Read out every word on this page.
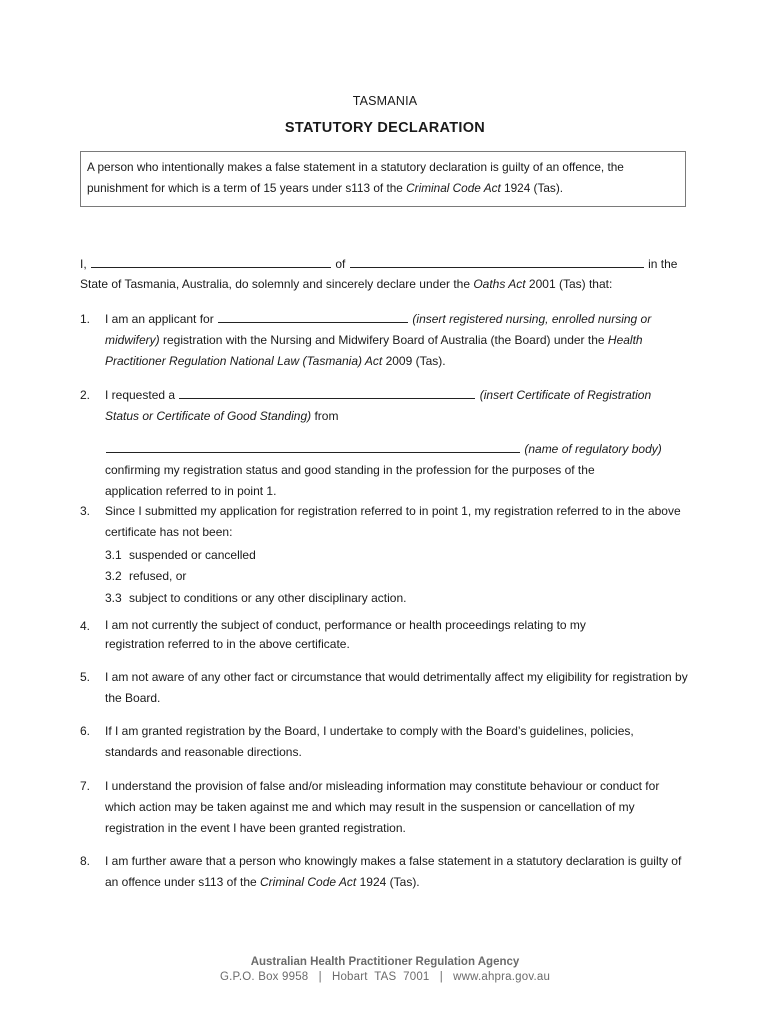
TASMANIA
STATUTORY DECLARATION
A person who intentionally makes a false statement in a statutory declaration is guilty of an offence, the punishment for which is a term of 15 years under s113 of the Criminal Code Act 1924 (Tas).
I,	of	in the
State of Tasmania, Australia, do solemnly and sincerely declare under the Oaths Act 2001 (Tas) that:
1.	I am an applicant for	(insert registered nursing, enrolled nursing or
midwifery) registration with the Nursing and Midwifery Board of Australia (the Board) under the Health
Practitioner Regulation National Law (Tasmania) Act 2009 (Tas).
2.	I requested a	(insert Certificate of Registration
Status or Certificate of Good Standing) from
(name of regulatory body)
confirming my registration status and good standing in the profession for the purposes of the
application referred to in point 1.
3.	Since I submitted my application for registration referred to in point 1, my registration referred to in the above certificate has not been:
3.1 suspended or cancelled
3.2 refused, or
3.3 subject to conditions or any other disciplinary action.
4.	I am not currently the subject of conduct, performance or health proceedings relating to my registration referred to in the above certificate.
5.	I am not aware of any other fact or circumstance that would detrimentally affect my eligibility for registration by the Board.
6.	If I am granted registration by the Board, I undertake to comply with the Board’s guidelines, policies, standards and reasonable directions.
7.	I understand the provision of false and/or misleading information may constitute behaviour or conduct for which action may be taken against me and which may result in the suspension or cancellation of my registration in the event I have been granted registration.
8.	I am further aware that a person who knowingly makes a false statement in a statutory declaration is guilty of an offence under s113 of the Criminal Code Act 1924 (Tas).
Australian Health Practitioner Regulation Agency
G.P.O. Box 9958   |   Hobart  TAS  7001   |   www.ahpra.gov.au
